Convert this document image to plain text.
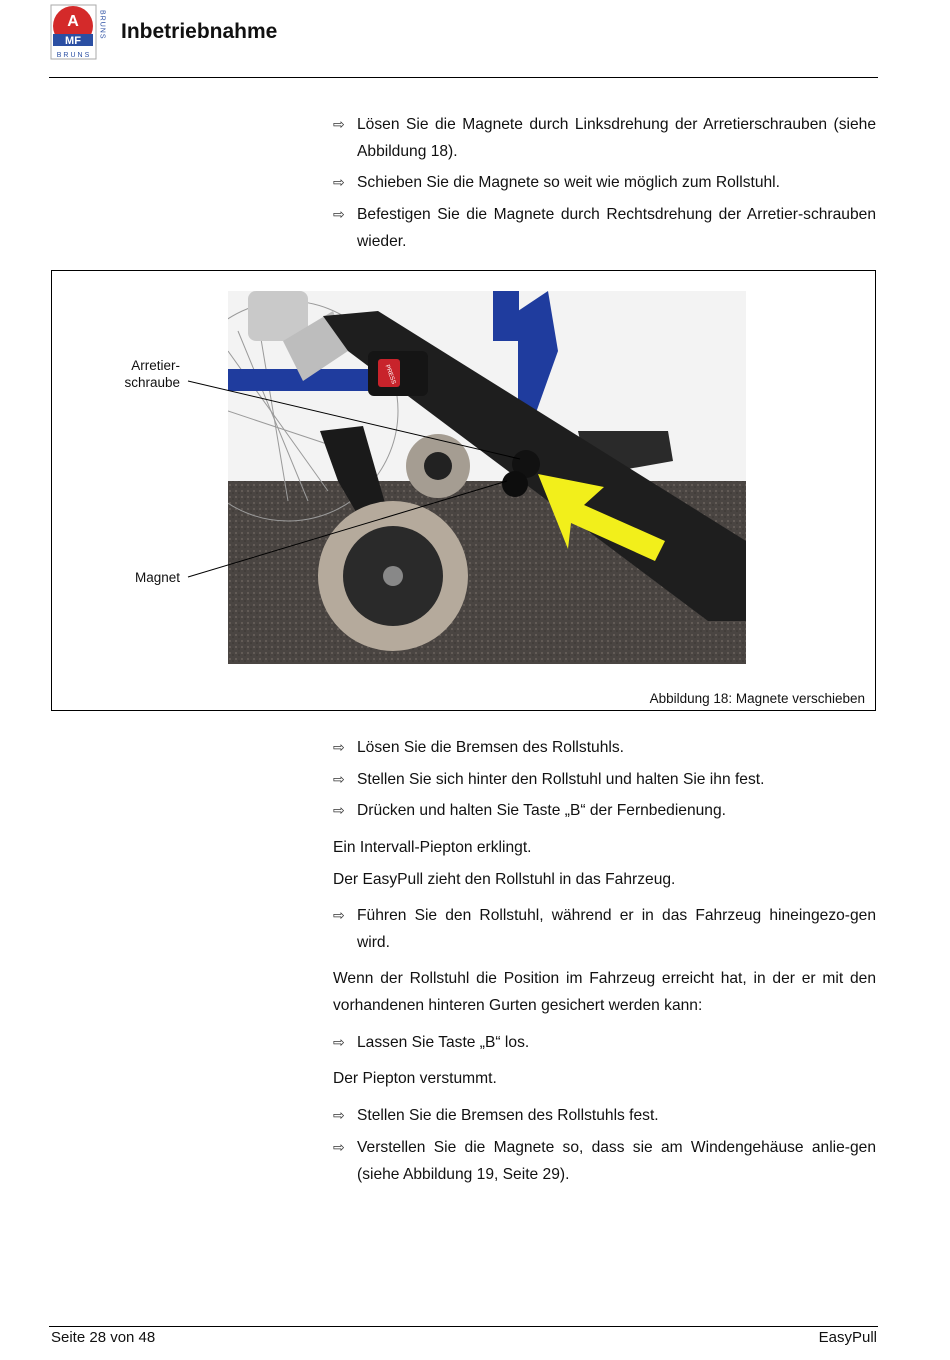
A
MF
BRUNS
BRUNS Inbetriebnahme
⇨ Lösen Sie die Magnete durch Linksdrehung der Arretierschrauben (siehe Abbildung 18).
⇨ Schieben Sie die Magnete so weit wie möglich zum Rollstuhl.
⇨ Befestigen Sie die Magnete durch Rechtsdrehung der Arretier-schrauben wieder.
PRESS
Arretier-
schraube
Magnet
Abbildung 18: Magnete verschieben
⇨ Lösen Sie die Bremsen des Rollstuhls.
⇨ Stellen Sie sich hinter den Rollstuhl und halten Sie ihn fest.
⇨ Drücken und halten Sie Taste „B“ der Fernbedienung.
Ein Intervall-Piepton erklingt.
Der EasyPull zieht den Rollstuhl in das Fahrzeug.
⇨ Führen Sie den Rollstuhl, während er in das Fahrzeug hineingezo-gen wird.
Wenn der Rollstuhl die Position im Fahrzeug erreicht hat, in der er mit den vorhandenen hinteren Gurten gesichert werden kann:
⇨ Lassen Sie Taste „B“ los.
Der Piepton verstummt.
⇨ Stellen Sie die Bremsen des Rollstuhls fest.
⇨ Verstellen Sie die Magnete so, dass sie am Windengehäuse anlie-gen (siehe Abbildung 19, Seite 29).
Seite 28 von 48	EasyPull
